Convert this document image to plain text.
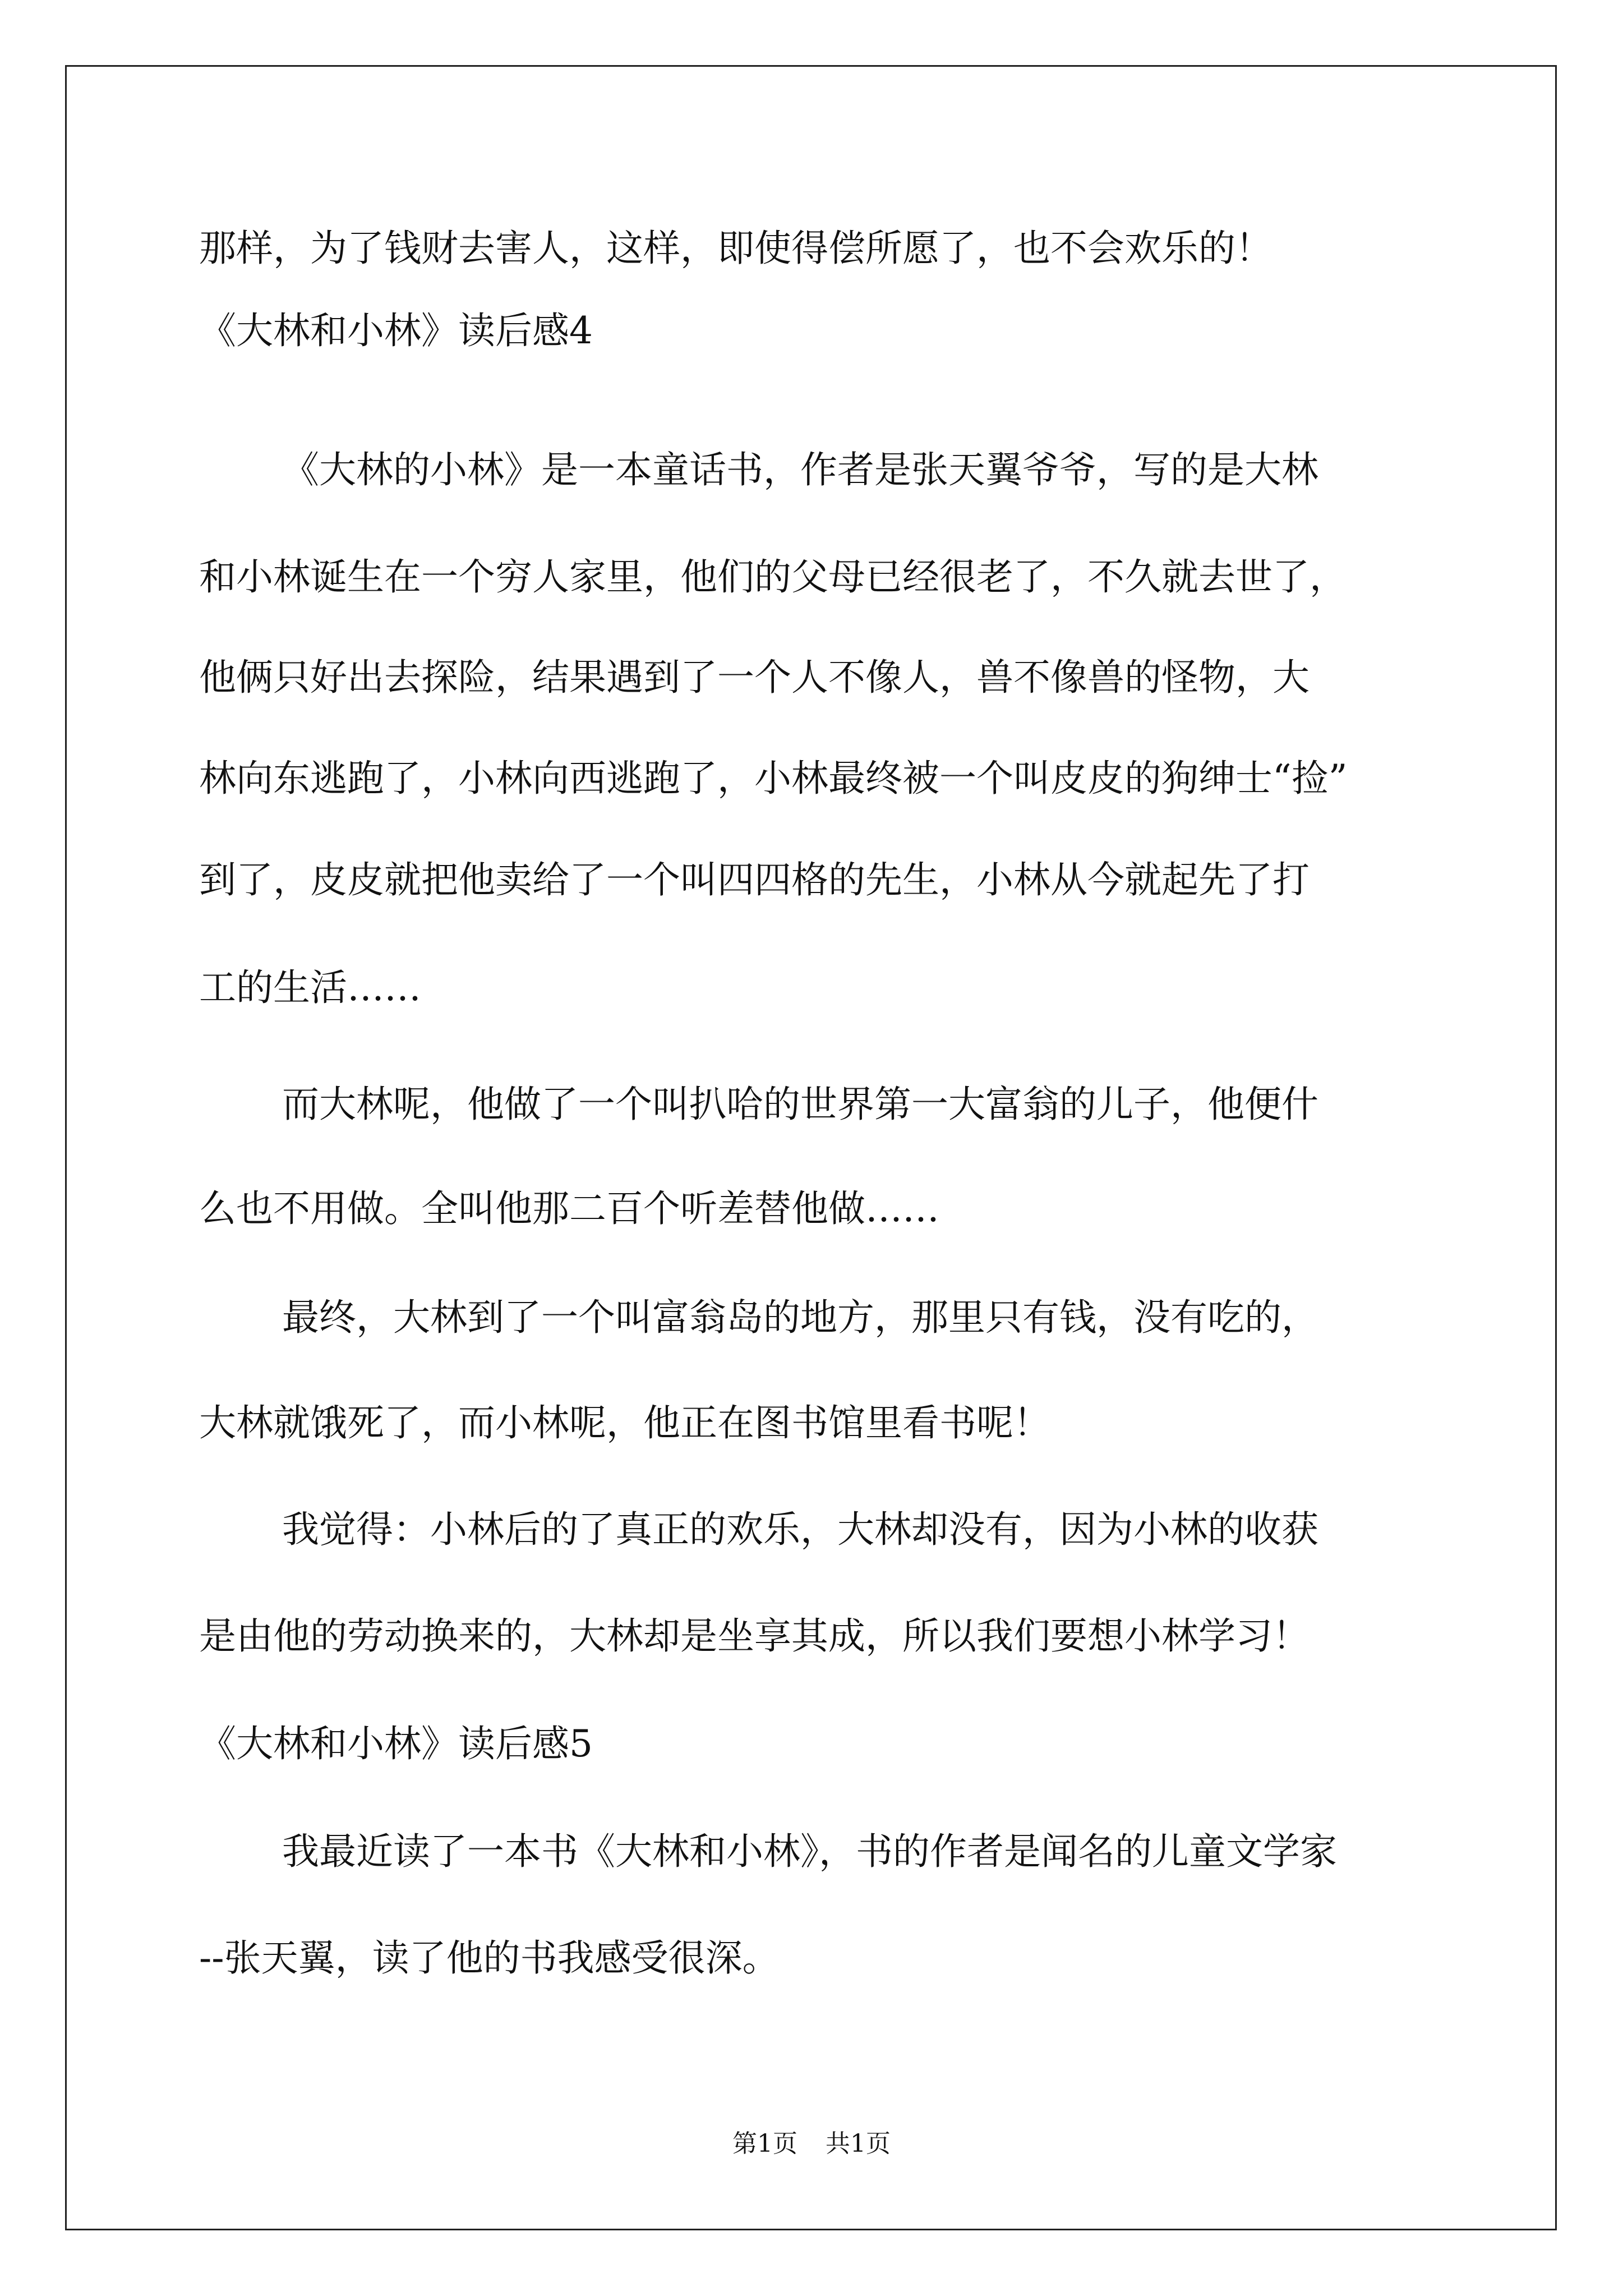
那样，为了钱财去害人，这样，即使得偿所愿了，也不会欢乐的！
《大林和小林》读后感4
《大林的小林》是一本童话书，作者是张天翼爷爷，写的是大林
和小林诞生在一个穷人家里，他们的父母已经很老了，不久就去世了，
他俩只好出去探险，结果遇到了一个人不像人，兽不像兽的怪物，大
林向东逃跑了，小林向西逃跑了，小林最终被一个叫皮皮的狗绅士“捡”
到了，皮皮就把他卖给了一个叫四四格的先生，小林从今就起先了打
工的生活……
而大林呢，他做了一个叫扒哈的世界第一大富翁的儿子，他便什
么也不用做。全叫他那二百个听差替他做……
最终，大林到了一个叫富翁岛的地方，那里只有钱，没有吃的，
大林就饿死了，而小林呢，他正在图书馆里看书呢！
我觉得：小林后的了真正的欢乐，大林却没有，因为小林的收获
是由他的劳动换来的，大林却是坐享其成，所以我们要想小林学习！
《大林和小林》读后感5
我最近读了一本书《大林和小林》，书的作者是闻名的儿童文学家
--张天翼，读了他的书我感受很深。
第1页 共1页
